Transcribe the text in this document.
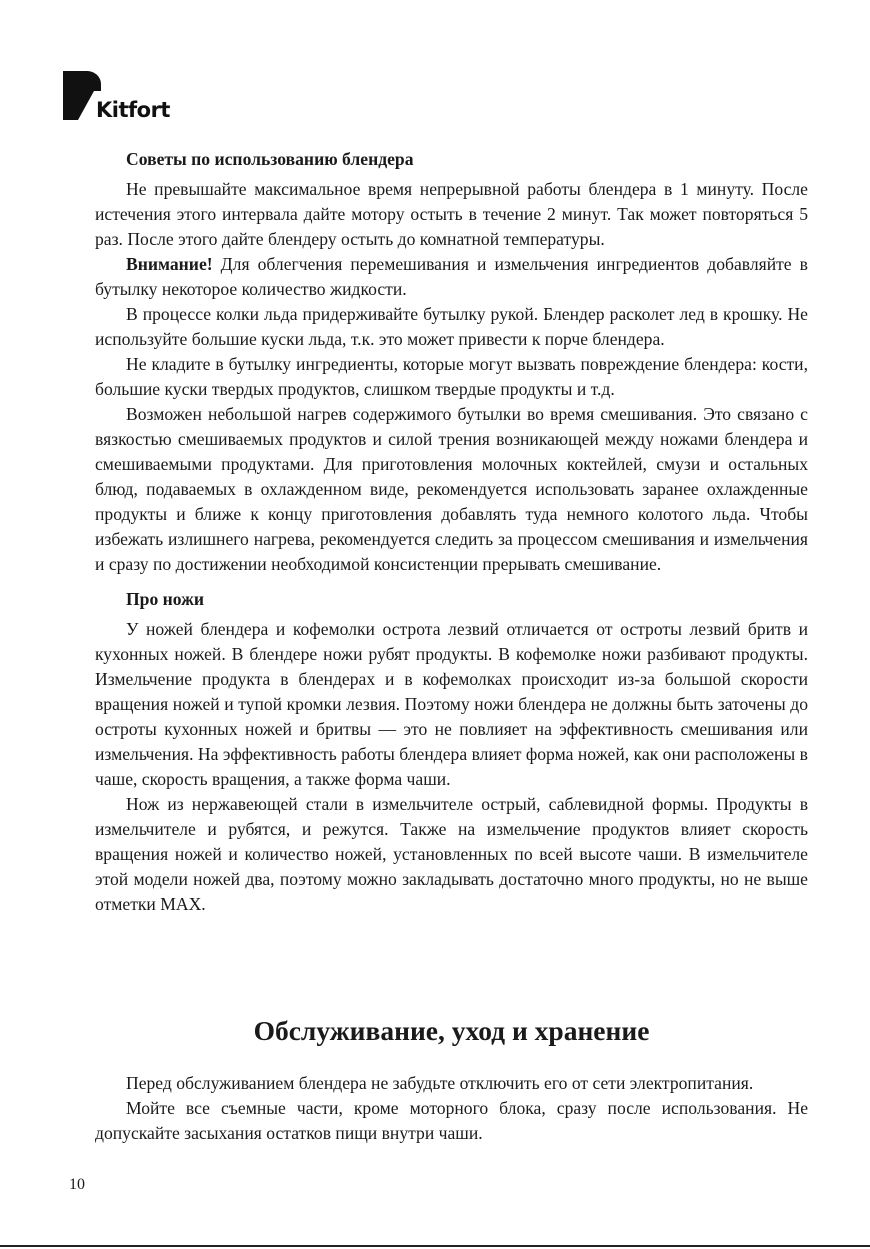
Kitfort

Советы по использованию блендера

Не превышайте максимальное время непрерывной работы блендера в 1 минуту. После истечения этого интервала дайте мотору остыть в течение 2 минут. Так может повторяться 5 раз. После этого дайте блендеру остыть до комнатной температуры.

Внимание! Для облегчения перемешивания и измельчения ингредиентов добавляйте в бутылку некоторое количество жидкости.

В процессе колки льда придерживайте бутылку рукой. Блендер расколет лед в крошку. Не используйте большие куски льда, т.к. это может привести к порче блендера.

Не кладите в бутылку ингредиенты, которые могут вызвать повреждение блендера: кости, большие куски твердых продуктов, слишком твердые продукты и т.д.

Возможен небольшой нагрев содержимого бутылки во время смешивания. Это связано с вязкостью смешиваемых продуктов и силой трения возникающей между ножами блендера и смешиваемыми продуктами. Для приготовления молочных коктейлей, смузи и остальных блюд, подаваемых в охлажденном виде, рекомендуется использовать заранее охлажденные продукты и ближе к концу приготовления добавлять туда немного колотого льда. Чтобы избежать излишнего нагрева, рекомендуется следить за процессом смешивания и измельчения и сразу по достижении необходимой консистенции прерывать смешивание.

Про ножи

У ножей блендера и кофемолки острота лезвий отличается от остроты лезвий бритв и кухонных ножей. В блендере ножи рубят продукты. В кофемолке ножи разбивают продукты. Измельчение продукта в блендерах и в кофемолках происходит из-за большой скорости вращения ножей и тупой кромки лезвия. Поэтому ножи блендера не должны быть заточены до остроты кухонных ножей и бритвы — это не повлияет на эффективность смешивания или измельчения. На эффективность работы блендера влияет форма ножей, как они расположены в чаше, скорость вращения, а также форма чаши.

Нож из нержавеющей стали в измельчителе острый, саблевидной формы. Продукты в измельчителе и рубятся, и режутся. Также на измельчение продуктов влияет скорость вращения ножей и количество ножей, установленных по всей высоте чаши. В измельчителе этой модели ножей два, поэтому можно закладывать достаточно много продукты, но не выше отметки MAX.

Обслуживание, уход и хранение

Перед обслуживанием блендера не забудьте отключить его от сети электропитания.

Мойте все съемные части, кроме моторного блока, сразу после использования. Не допускайте засыхания остатков пищи внутри чаши.

10
